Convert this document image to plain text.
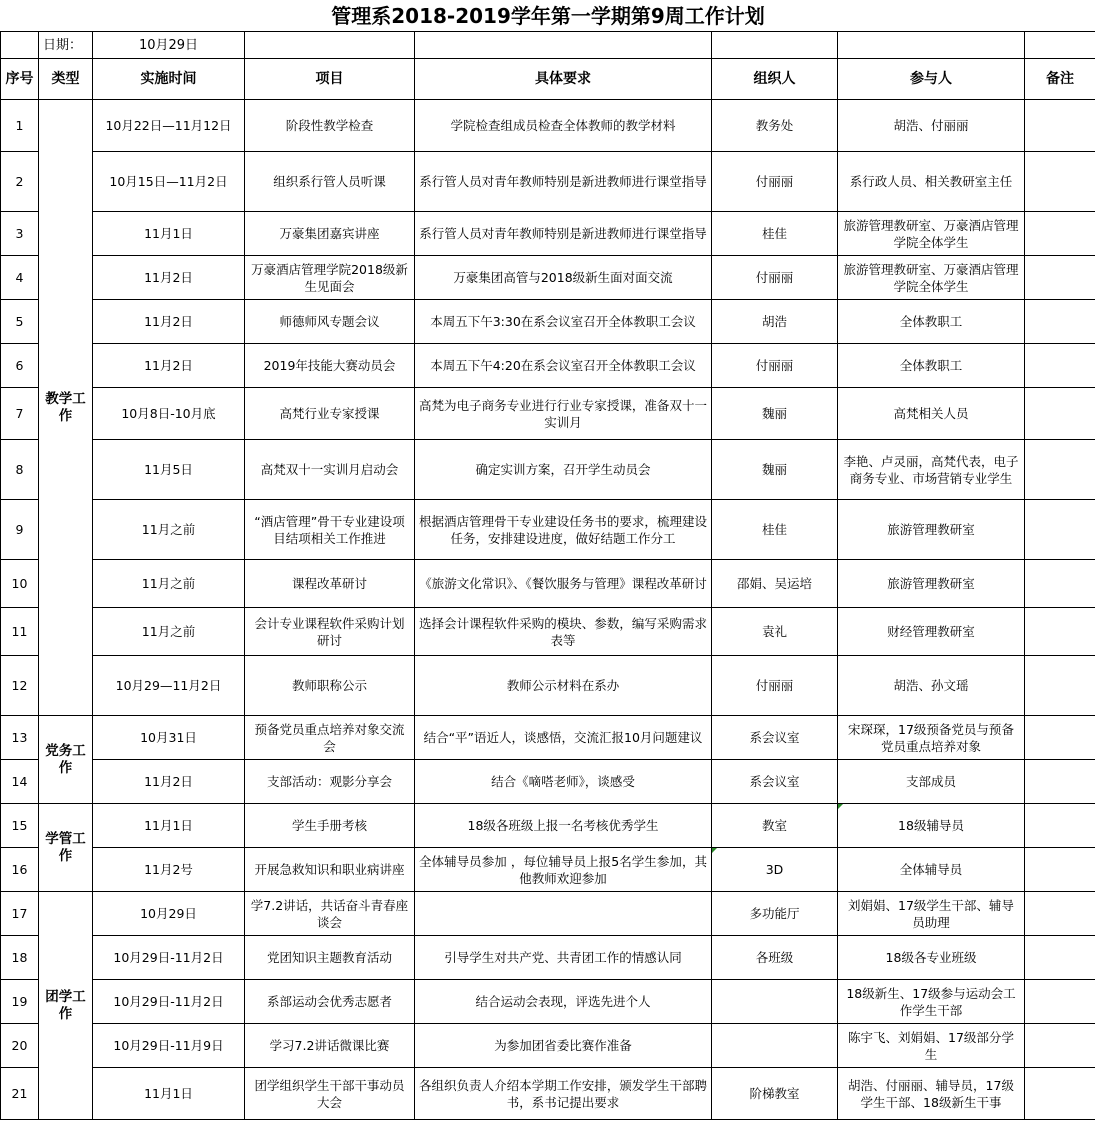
管理系2018-2019学年第一学期第9周工作计划							
	日期：	10月29日					
序号	类型	实施时间	项目	具体要求	组织人	参与人	备注
1	教学工作	10月22日—11月12日	阶段性教学检查	学院检查组成员检查全体教师的教学材料	教务处	胡浩、付丽丽	
2		10月15日—11月2日	组织系行管人员听课	系行管人员对青年教师特别是新进教师进行课堂指导	付丽丽	系行政人员、相关教研室主任	
3		11月1日	万豪集团嘉宾讲座	系行管人员对青年教师特别是新进教师进行课堂指导	桂佳	旅游管理教研室、万豪酒店管理学院全体学生	
4		11月2日	万豪酒店管理学院2018级新生见面会	万豪集团高管与2018级新生面对面交流	付丽丽	旅游管理教研室、万豪酒店管理学院全体学生	
5		11月2日	师德师风专题会议	本周五下午3:30在系会议室召开全体教职工会议	胡浩	全体教职工	
6		11月2日	2019年技能大赛动员会	本周五下午4:20在系会议室召开全体教职工会议	付丽丽	全体教职工	
7		10月8日-10月底	高梵行业专家授课	高梵为电子商务专业进行行业专家授课，准备双十一实训月	魏丽	高梵相关人员	
8		11月5日	高梵双十一实训月启动会	确定实训方案，召开学生动员会	魏丽	李艳、卢灵丽，高梵代表，电子商务专业、市场营销专业学生	
9		11月之前	“酒店管理”骨干专业建设项目结项相关工作推进	根据酒店管理骨干专业建设任务书的要求，梳理建设任务，安排建设进度，做好结题工作分工	桂佳	旅游管理教研室	
10		11月之前	课程改革研讨	《旅游文化常识》、《餐饮服务与管理》课程改革研讨	邵娟、吴运培	旅游管理教研室	
11		11月之前	会计专业课程软件采购计划研讨	选择会计课程软件采购的模块、参数，编写采购需求表等	袁礼	财经管理教研室	
12		10月29—11月2日	教师职称公示	教师公示材料在系办	付丽丽	胡浩、孙文瑶	
13	党务工作	10月31日	预备党员重点培养对象交流会	结合“平”语近人，谈感悟，交流汇报10月问题建议	系会议室	宋琛琛，17级预备党员与预备党员重点培养对象	
14		11月2日	支部活动：观影分享会	结合《嘀嗒老师》，谈感受	系会议室	支部成员	
15	学管工作	11月1日	学生手册考核	18级各班级上报一名考核优秀学生	教室	18级辅导员	
16		11月2号	开展急救知识和职业病讲座	全体辅导员参加 ，每位辅导员上报5名学生参加，其他教师欢迎参加	3D	全体辅导员	
17	团学工作	10月29日	学7.2讲话，共话奋斗青春座谈会		多功能厅	刘娟娟、17级学生干部、辅导员助理	
18		10月29日-11月2日	党团知识主题教育活动	引导学生对共产党、共青团工作的情感认同	各班级	18级各专业班级	
19		10月29日-11月2日	系部运动会优秀志愿者	结合运动会表现，评选先进个人		18级新生、17级参与运动会工作学生干部	
20		10月29日-11月9日	学习7.2讲话微课比赛	为参加团省委比赛作准备		陈宇飞、刘娟娟、17级部分学生	
21		11月1日	团学组织学生干部干事动员大会	各组织负责人介绍本学期工作安排，颁发学生干部聘书，系书记提出要求	阶梯教室	胡浩、付丽丽、辅导员，17级学生干部、18级新生干事	
